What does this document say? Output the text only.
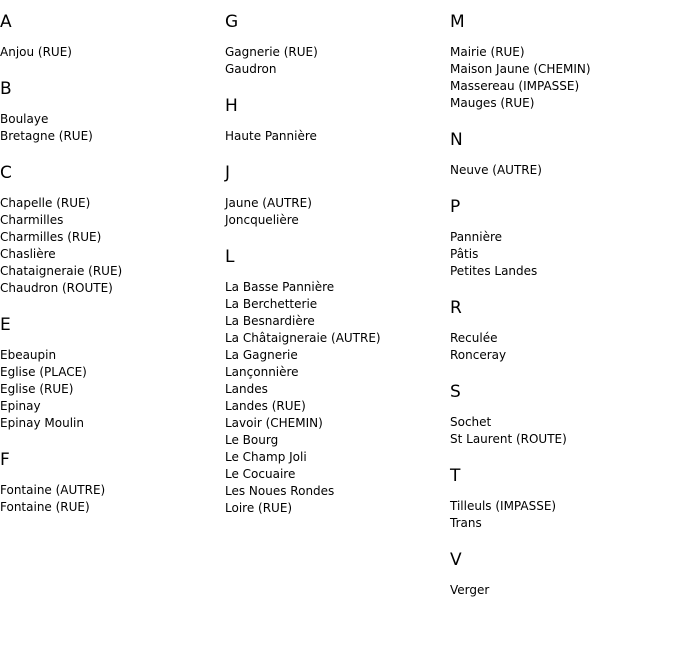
A
Anjou (RUE)
B
Boulaye
Bretagne (RUE)
C
Chapelle (RUE)
Charmilles
Charmilles (RUE)
Chaslière
Chataigneraie (RUE)
Chaudron (ROUTE)
E
Ebeaupin
Eglise (PLACE)
Eglise (RUE)
Epinay
Epinay Moulin
F
Fontaine (AUTRE)
Fontaine (RUE)
G
Gagnerie (RUE)
Gaudron
H
Haute Pannière
J
Jaune (AUTRE)
Joncquelière
L
La Basse Pannière
La Berchetterie
La Besnardière
La Châtaigneraie (AUTRE)
La Gagnerie
Lançonnière
Landes
Landes (RUE)
Lavoir (CHEMIN)
Le Bourg
Le Champ Joli
Le Cocuaire
Les Noues Rondes
Loire (RUE)
M
Mairie (RUE)
Maison Jaune (CHEMIN)
Massereau (IMPASSE)
Mauges (RUE)
N
Neuve (AUTRE)
P
Pannière
Pâtis
Petites Landes
R
Reculée
Ronceray
S
Sochet
St Laurent (ROUTE)
T
Tilleuls (IMPASSE)
Trans
V
Verger
